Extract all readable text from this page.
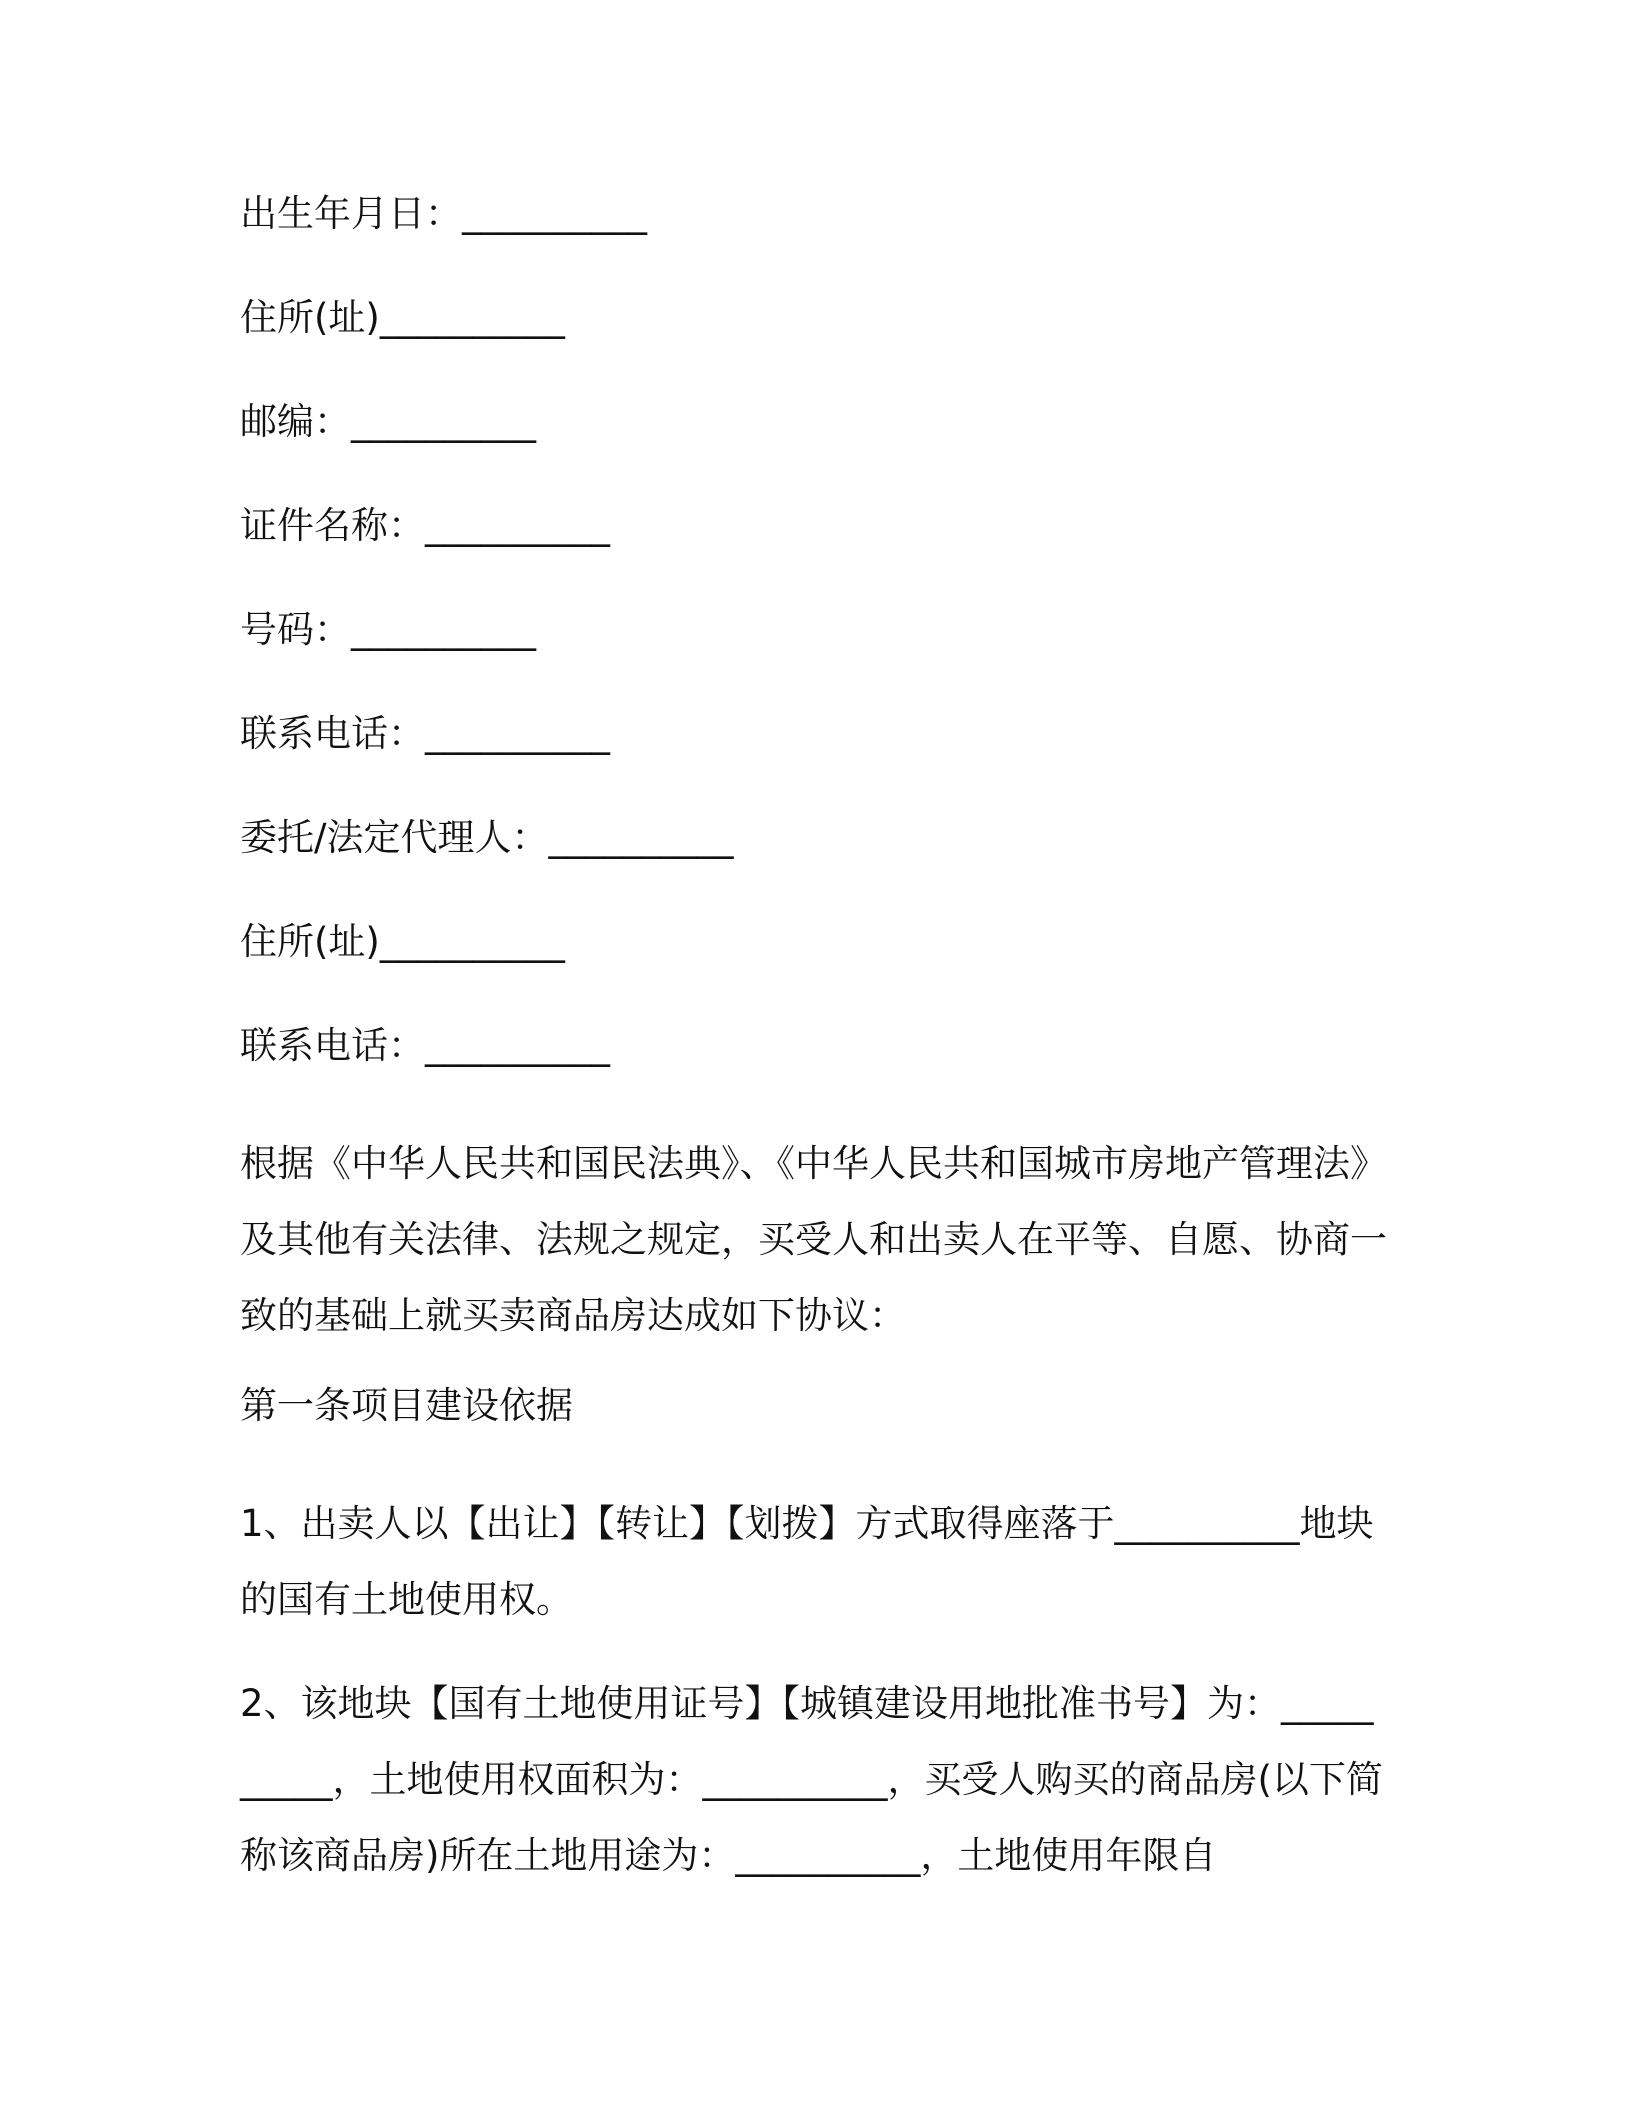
出生年月日：__________
住所(址)__________
邮编：__________
证件名称：__________
号码：__________
联系电话：__________
委托/法定代理人：__________
住所(址)__________
联系电话：__________
根据《中华人民共和国民法典》、《中华人民共和国城市房地产管理法》及其他有关法律、法规之规定，买受人和出卖人在平等、自愿、协商一致的基础上就买卖商品房达成如下协议：
第一条项目建设依据
1、出卖人以【出让】【转让】【划拨】方式取得座落于__________地块的国有土地使用权。
2、该地块【国有土地使用证号】【城镇建设用地批准书号】为：__________，土地使用权面积为：__________，买受人购买的商品房(以下简称该商品房)所在土地用途为：__________，土地使用年限自
